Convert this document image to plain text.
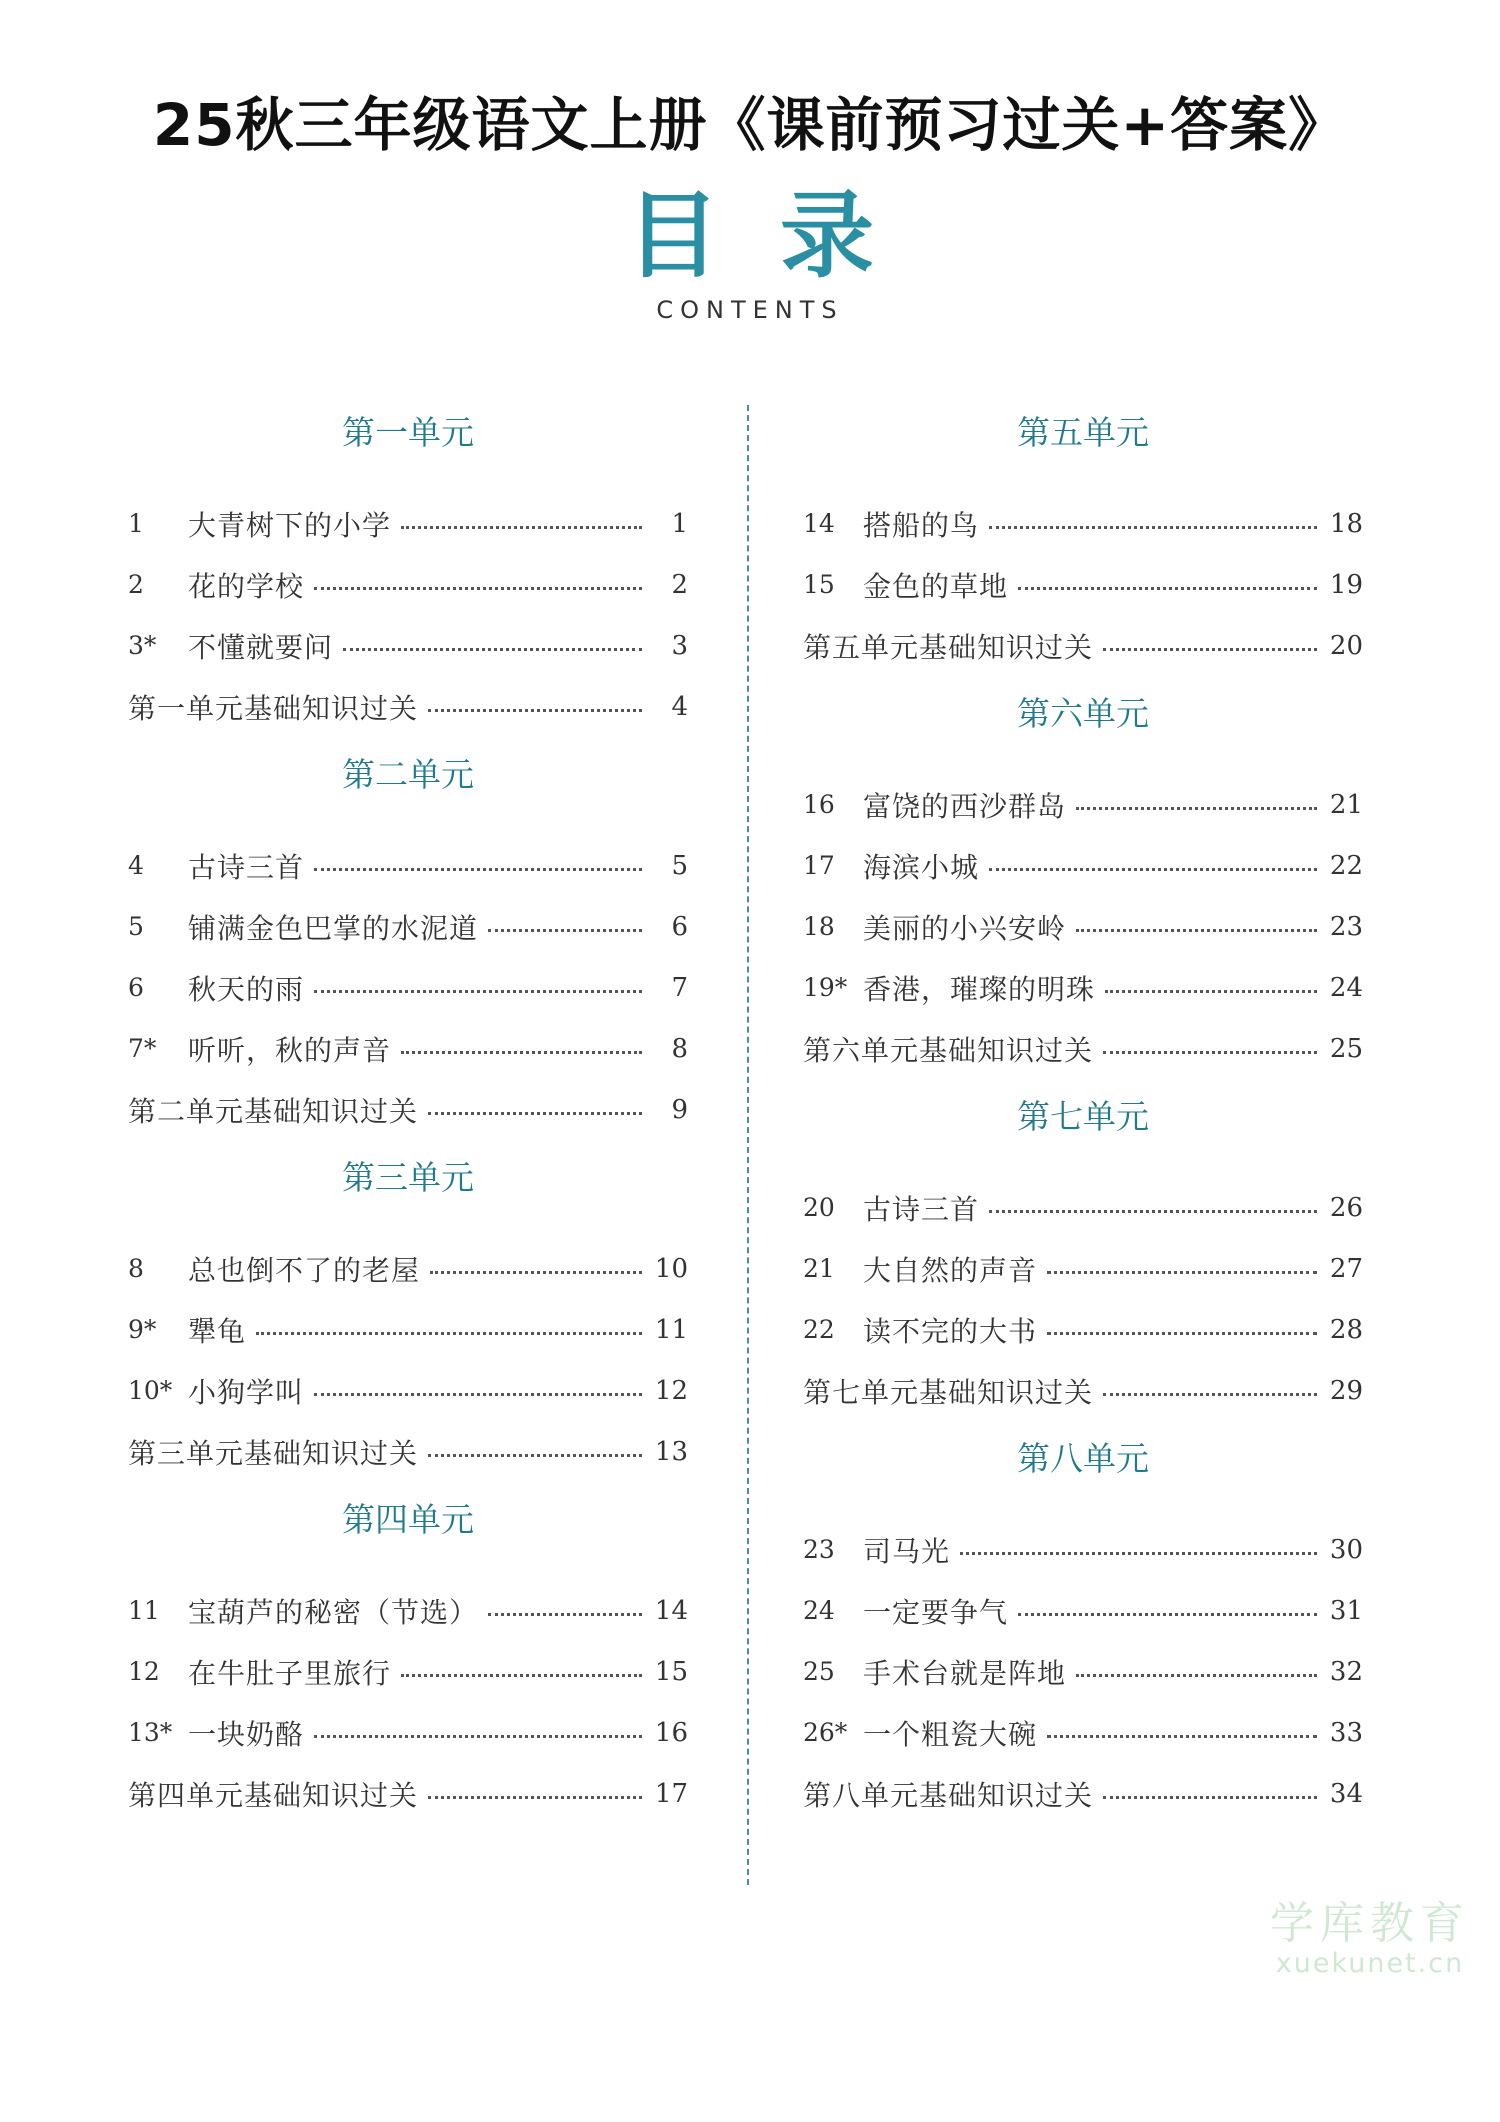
25秋三年级语文上册《课前预习过关+答案》
目录
CONTENTS
第一单元
1	大青树下的小学	1
2	花的学校	2
3*	不懂就要问	3
第一单元基础知识过关	4
第二单元
4	古诗三首	5
5	铺满金色巴掌的水泥道	6
6	秋天的雨	7
7*	听听，秋的声音	8
第二单元基础知识过关	9
第三单元
8	总也倒不了的老屋	10
9*	犟龟	11
10* 小狗学叫	12
第三单元基础知识过关	13
第四单元
11	宝葫芦的秘密（节选）	14
12	在牛肚子里旅行	15
13* 一块奶酪	16
第四单元基础知识过关	17
第五单元
14	搭船的鸟	18
15	金色的草地	19
第五单元基础知识过关	20
第六单元
16	富饶的西沙群岛	21
17	海滨小城	22
18	美丽的小兴安岭	23
19* 香港，璀璨的明珠	24
第六单元基础知识过关	25
第七单元
20	古诗三首	26
21	大自然的声音	27
22	读不完的大书	28
第七单元基础知识过关	29
第八单元
23	司马光	30
24	一定要争气	31
25	手术台就是阵地	32
26* 一个粗瓷大碗	33
第八单元基础知识过关	34
学库教育
xuekunet.cn
